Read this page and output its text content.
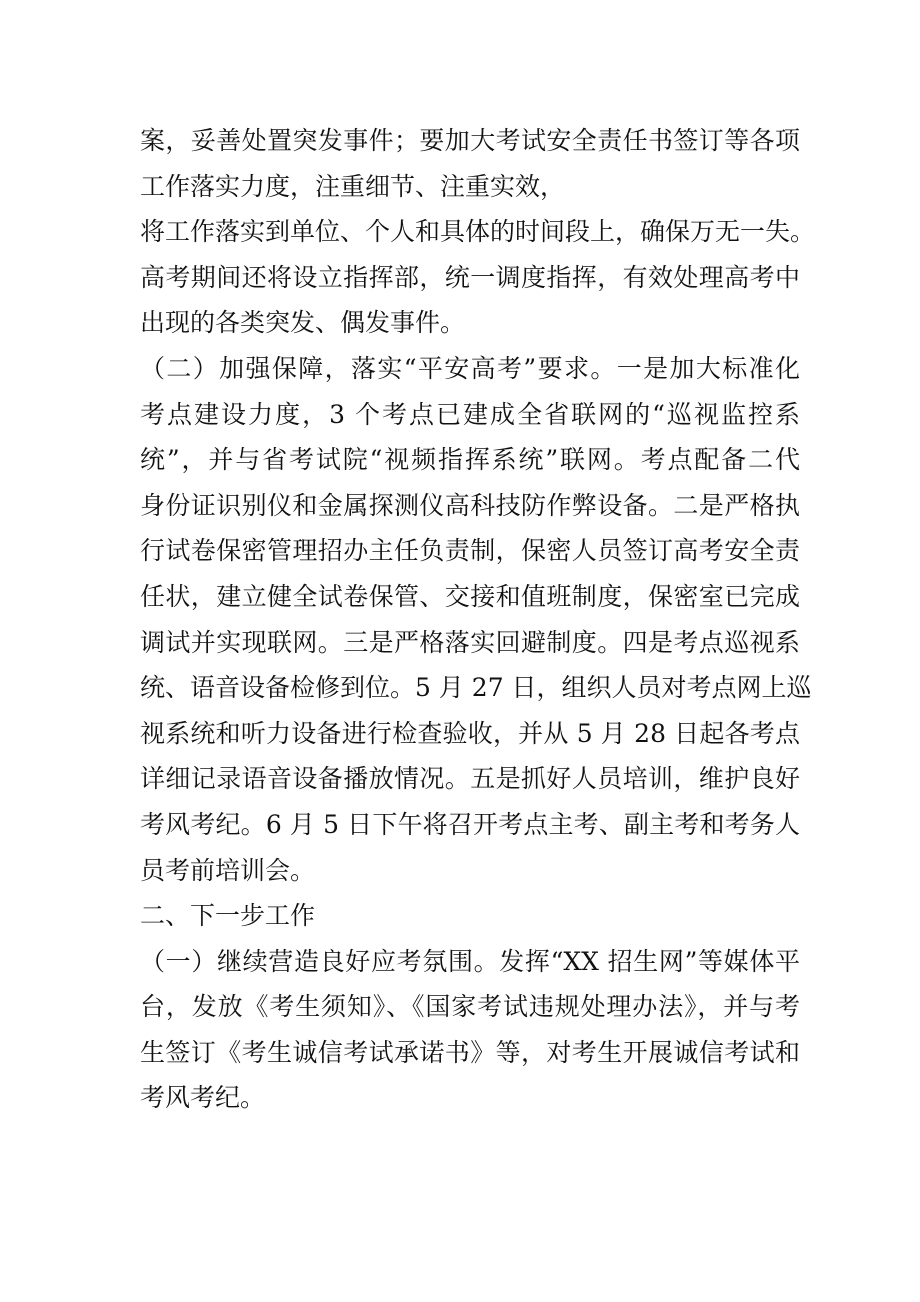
案，妥善处置突发事件；要加大考试安全责任书签订等各项
工作落实力度，注重细节、注重实效，
将工作落实到单位、个人和具体的时间段上，确保万无一失。
高考期间还将设立指挥部，统一调度指挥，有效处理高考中
出现的各类突发、偶发事件。
（二）加强保障，落实“平安高考”要求。一是加大标准化
考点建设力度，3 个考点已建成全省联网的“巡视监控系
统”，并与省考试院“视频指挥系统”联网。考点配备二代
身份证识别仪和金属探测仪高科技防作弊设备。二是严格执
行试卷保密管理招办主任负责制，保密人员签订高考安全责
任状，建立健全试卷保管、交接和值班制度，保密室已完成
调试并实现联网。三是严格落实回避制度。四是考点巡视系
统、语音设备检修到位。5 月 27 日，组织人员对考点网上巡
视系统和听力设备进行检查验收，并从 5 月 28 日起各考点
详细记录语音设备播放情况。五是抓好人员培训，维护良好
考风考纪。6 月 5 日下午将召开考点主考、副主考和考务人
员考前培训会。
二、下一步工作
（一）继续营造良好应考氛围。发挥“XX 招生网”等媒体平
台，发放《考生须知》、《国家考试违规处理办法》，并与考
生签订《考生诚信考试承诺书》等，对考生开展诚信考试和
考风考纪。
